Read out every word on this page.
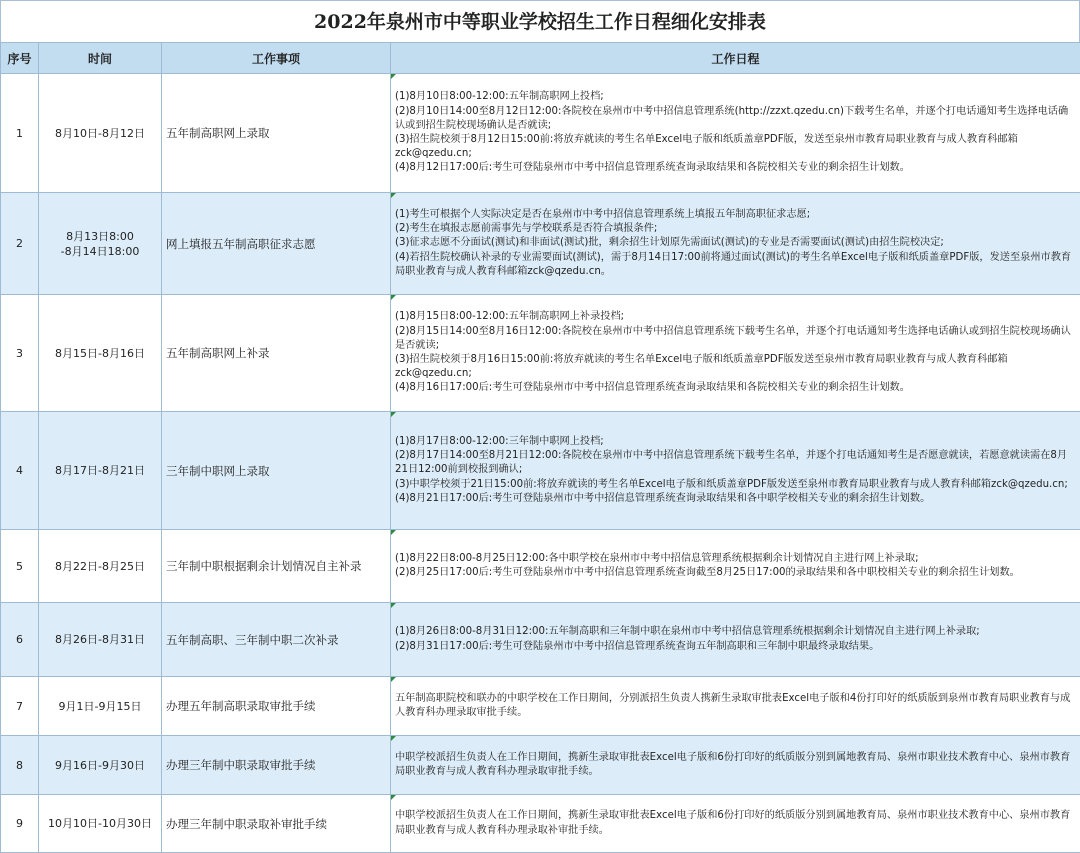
2022年泉州市中等职业学校招生工作日程细化安排表
序号	时间	工作事项	工作日程
1	8月10日-8月12日	五年制高职网上录取	(1)8月10日8:00-12:00:五年制高职网上投档;
(2)8月10日14:00至8月12日12:00:各院校在泉州市中考中招信息管理系统(http://zzxt.qzedu.cn)下载考生名单，并逐个打电话通知考生选择电话确认或到招生院校现场确认是否就读;
(3)招生院校须于8月12日15:00前:将放弃就读的考生名单Excel电子版和纸质盖章PDF版，发送至泉州市教育局职业教育与成人教育科邮箱zck@qzedu.cn;
(4)8月12日17:00后:考生可登陆泉州市中考中招信息管理系统查询录取结果和各院校相关专业的剩余招生计划数。

2	8月13日8:00
-8月14日18:00	网上填报五年制高职征求志愿	(1)考生可根据个人实际决定是否在泉州市中考中招信息管理系统上填报五年制高职征求志愿;
(2)考生在填报志愿前需事先与学校联系是否符合填报条件;
(3)征求志愿不分面试(测试)和非面试(测试)批，剩余招生计划原先需面试(测试)的专业是否需要面试(测试)由招生院校决定;
(4)若招生院校确认补录的专业需要面试(测试)，需于8月14日17:00前将通过面试(测试)的考生名单Excel电子版和纸质盖章PDF版，发送至泉州市教育局职业教育与成人教育科邮箱zck@qzedu.cn。

3	8月15日-8月16日	五年制高职网上补录	(1)8月15日8:00-12:00:五年制高职网上补录投档;
(2)8月15日14:00至8月16日12:00:各院校在泉州市中考中招信息管理系统下载考生名单，并逐个打电话通知考生选择电话确认或到招生院校现场确认是否就读;
(3)招生院校须于8月16日15:00前:将放弃就读的考生名单Excel电子版和纸质盖章PDF版发送至泉州市教育局职业教育与成人教育科邮箱zck@qzedu.cn;
(4)8月16日17:00后:考生可登陆泉州市中考中招信息管理系统查询录取结果和各院校相关专业的剩余招生计划数。

4	8月17日-8月21日	三年制中职网上录取	(1)8月17日8:00-12:00:三年制中职网上投档;
(2)8月17日14:00至8月21日12:00:各院校在泉州市中考中招信息管理系统下载考生名单，并逐个打电话通知考生是否愿意就读，若愿意就读需在8月21日12:00前到校报到确认;
(3)中职学校须于21日15:00前:将放弃就读的考生名单Excel电子版和纸质盖章PDF版发送至泉州市教育局职业教育与成人教育科邮箱zck@qzedu.cn;
(4)8月21日17:00后:考生可登陆泉州市中考中招信息管理系统查询录取结果和各中职学校相关专业的剩余招生计划数。

5	8月22日-8月25日	三年制中职根据剩余计划情况自主补录	(1)8月22日8:00-8月25日12:00:各中职学校在泉州市中考中招信息管理系统根据剩余计划情况自主进行网上补录取;
(2)8月25日17:00后:考生可登陆泉州市中考中招信息管理系统查询截至8月25日17:00的录取结果和各中职校相关专业的剩余招生计划数。

6	8月26日-8月31日	五年制高职、三年制中职二次补录	(1)8月26日8:00-8月31日12:00:五年制高职和三年制中职在泉州市中考中招信息管理系统根据剩余计划情况自主进行网上补录取;
(2)8月31日17:00后:考生可登陆泉州市中考中招信息管理系统查询五年制高职和三年制中职最终录取结果。

7	9月1日-9月15日	办理五年制高职录取审批手续	五年制高职院校和联办的中职学校在工作日期间，分别派招生负责人携新生录取审批表Excel电子版和4份打印好的纸质版到泉州市教育局职业教育与成人教育科办理录取审批手续。

8	9月16日-9月30日	办理三年制中职录取审批手续	中职学校派招生负责人在工作日期间，携新生录取审批表Excel电子版和6份打印好的纸质版分别到属地教育局、泉州市职业技术教育中心、泉州市教育局职业教育与成人教育科办理录取审批手续。

9	10月10日-10月30日	办理三年制中职录取补审批手续	中职学校派招生负责人在工作日期间，携新生录取审批表Excel电子版和6份打印好的纸质版分别到属地教育局、泉州市职业技术教育中心、泉州市教育局职业教育与成人教育科办理录取补审批手续。
